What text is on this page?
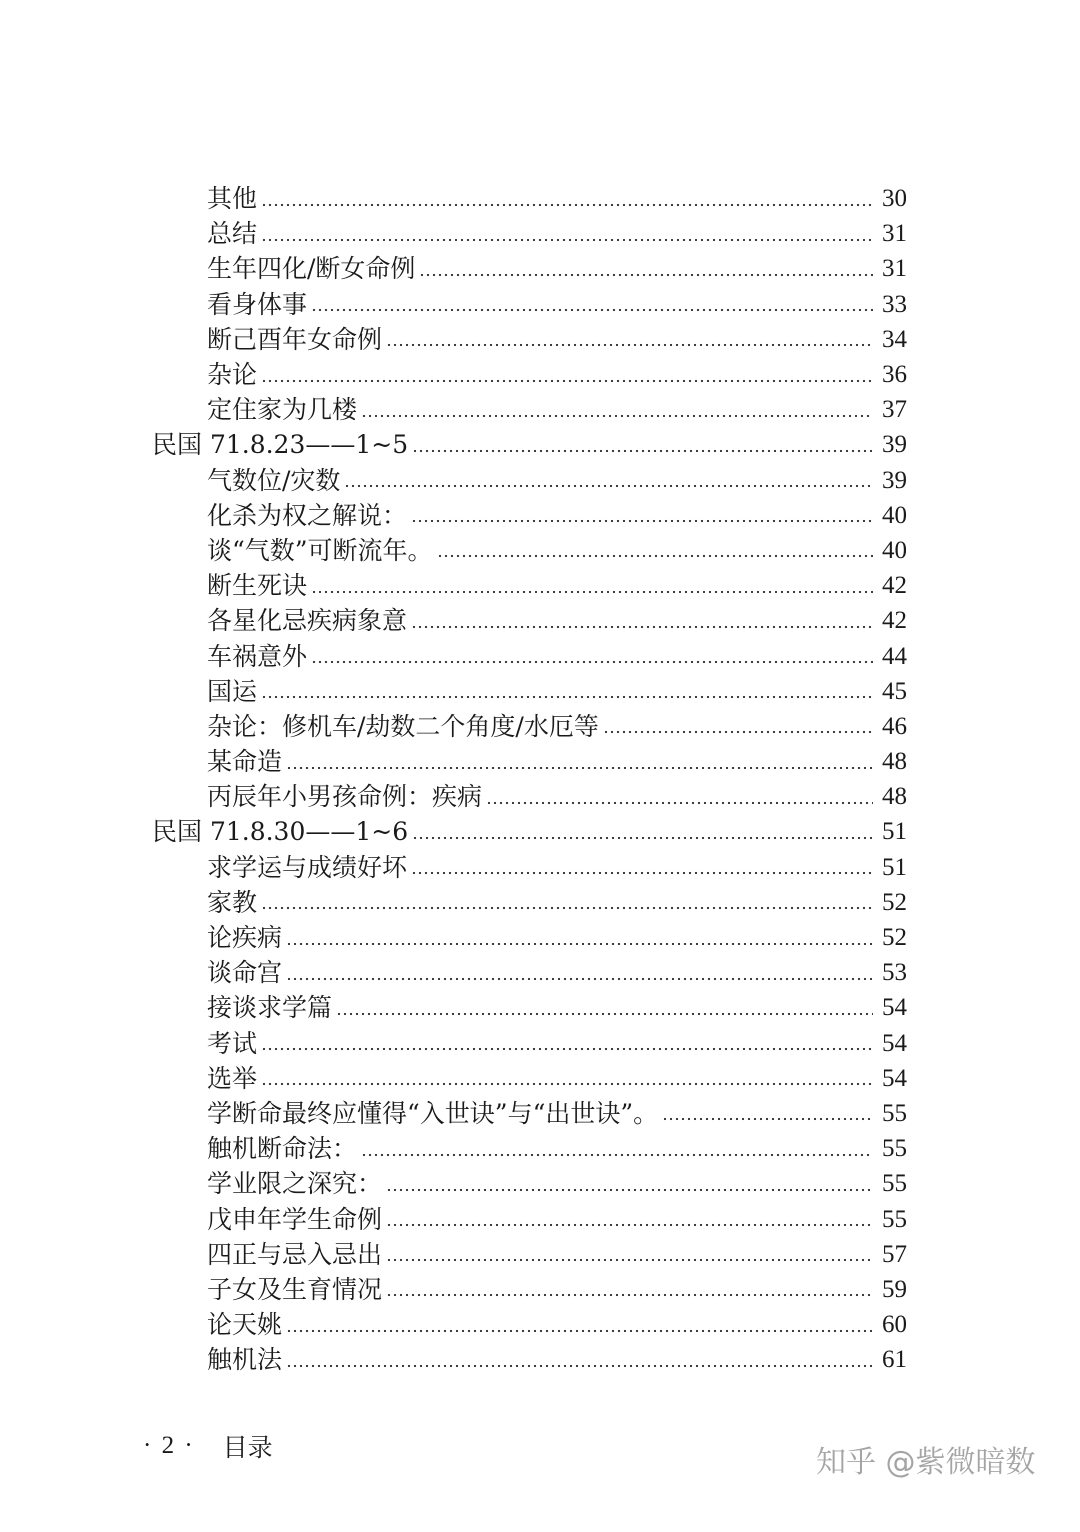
其他	30
总结	31
生年四化/断女命例	31
看身体事	33
断己酉年女命例	34
杂论	36
定住家为几楼	37
民国 71.8.23——1~5	39
气数位/灾数	39
化杀为权之解说：	40
谈“气数”可断流年。	40
断生死诀	42
各星化忌疾病象意	42
车祸意外	44
国运	45
杂论：修机车/劫数二个角度/水厄等	46
某命造	48
丙辰年小男孩命例：疾病	48
民国 71.8.30——1~6	51
求学运与成绩好坏	51
家教	52
论疾病	52
谈命宫	53
接谈求学篇	54
考试	54
选举	54
学断命最终应懂得“入世诀”与“出世诀”。	55
触机断命法：	55
学业限之深究：	55
戊申年学生命例	55
四正与忌入忌出	57
子女及生育情况	59
论天姚	60
触机法	61
· 2 · 目录	知乎 @紫微暗数
